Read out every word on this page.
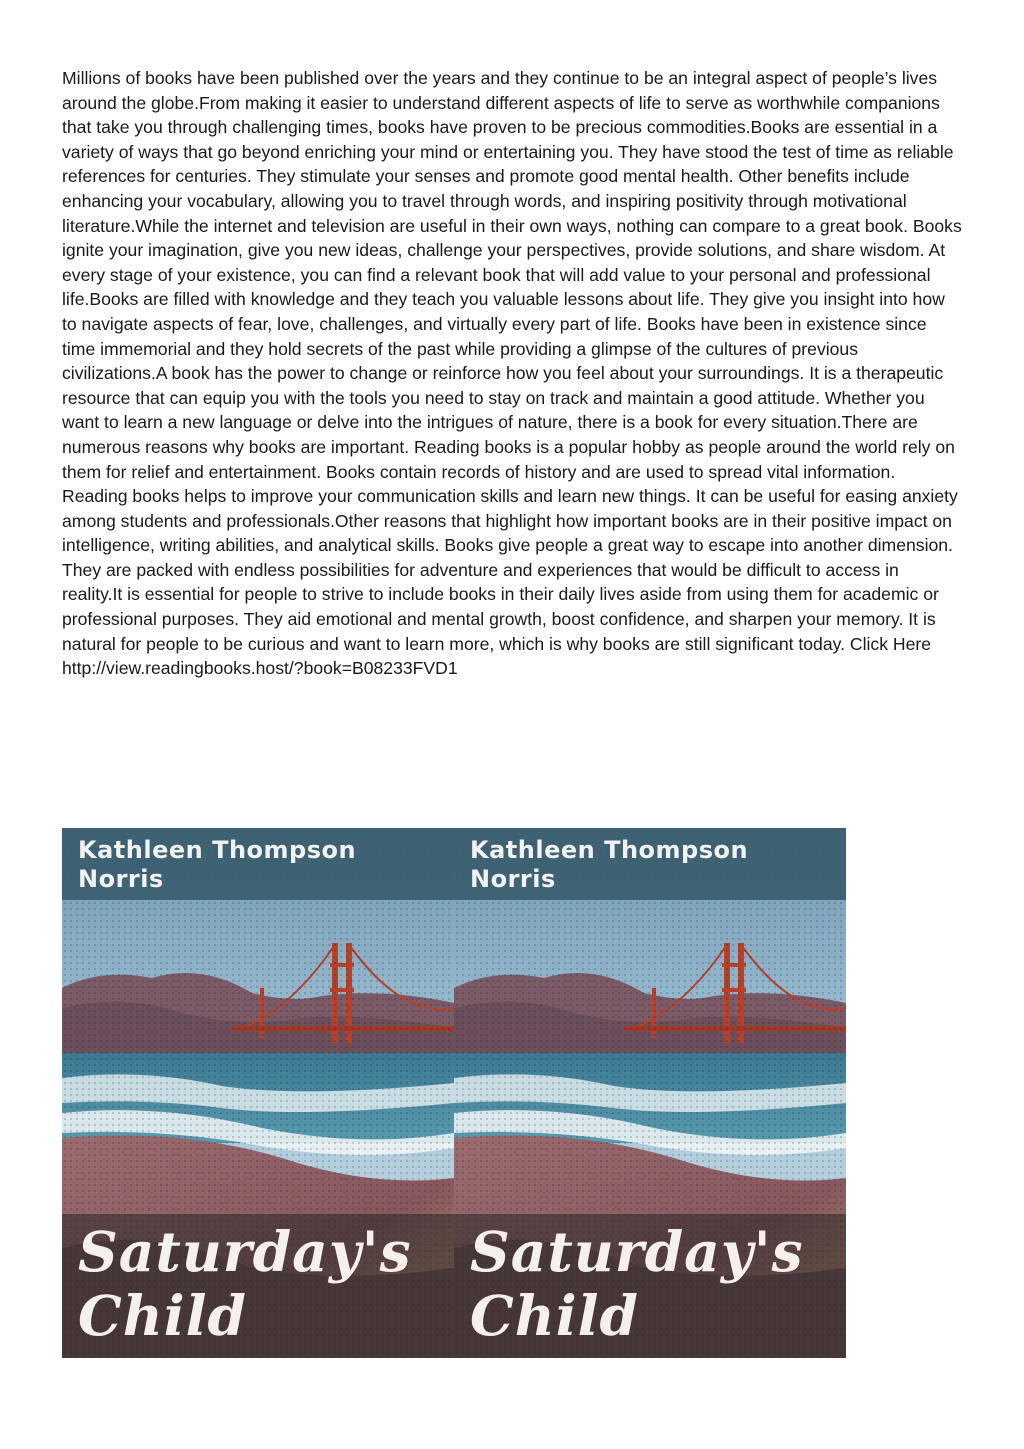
Millions of books have been published over the years and they continue to be an integral aspect of people’s lives around the globe.From making it easier to understand different aspects of life to serve as worthwhile companions that take you through challenging times, books have proven to be precious commodities.Books are essential in a variety of ways that go beyond enriching your mind or entertaining you. They have stood the test of time as reliable references for centuries. They stimulate your senses and promote good mental health. Other benefits include enhancing your vocabulary, allowing you to travel through words, and inspiring positivity through motivational literature.While the internet and television are useful in their own ways, nothing can compare to a great book. Books ignite your imagination, give you new ideas, challenge your perspectives, provide solutions, and share wisdom. At every stage of your existence, you can find a relevant book that will add value to your personal and professional life.Books are filled with knowledge and they teach you valuable lessons about life. They give you insight into how to navigate aspects of fear, love, challenges, and virtually every part of life. Books have been in existence since time immemorial and they hold secrets of the past while providing a glimpse of the cultures of previous civilizations.A book has the power to change or reinforce how you feel about your surroundings. It is a therapeutic resource that can equip you with the tools you need to stay on track and maintain a good attitude. Whether you want to learn a new language or delve into the intrigues of nature, there is a book for every situation.There are numerous reasons why books are important. Reading books is a popular hobby as people around the world rely on them for relief and entertainment. Books contain records of history and are used to spread vital information. Reading books helps to improve your communication skills and learn new things. It can be useful for easing anxiety among students and professionals.Other reasons that highlight how important books are in their positive impact on intelligence, writing abilities, and analytical skills. Books give people a great way to escape into another dimension. They are packed with endless possibilities for adventure and experiences that would be difficult to access in reality.It is essential for people to strive to include books in their daily lives aside from using them for academic or professional purposes. They aid emotional and mental growth, boost confidence, and sharpen your memory. It is natural for people to be curious and want to learn more, which is why books are still significant today. Click Here http://view.readingbooks.host/?book=B08233FVD1

Kathleen Thompson
Norris

Saturday's
Child

Kathleen Thompson
Norris

Saturday's
Child
